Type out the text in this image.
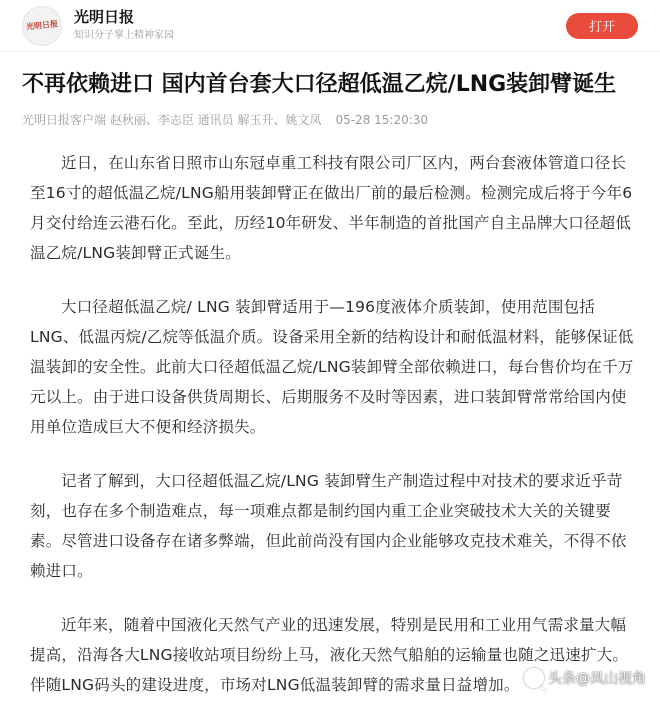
光明日报 光明日报
知识分子掌上精神家园
打开
不再依赖进口 国内首台套大口径超低温乙烷/LNG装卸臂诞生
光明日报客户端 赵秋丽、李志臣 通讯员 解玉升、姚文凤 05-28 15:20:30

近日，在山东省日照市山东冠卓重工科技有限公司厂区内，两台套液体管道口径长至16寸的超低温乙烷/LNG船用装卸臂正在做出厂前的最后检测。检测完成后将于今年6月交付给连云港石化。至此，历经10年研发、半年制造的首批国产自主品牌大口径超低温乙烷/LNG装卸臂正式诞生。

大口径超低温乙烷/ LNG 装卸臂适用于—196度液体介质装卸，使用范围包括LNG、低温丙烷/乙烷等低温介质。设备采用全新的结构设计和耐低温材料，能够保证低温装卸的安全性。此前大口径超低温乙烷/LNG装卸臂全部依赖进口，每台售价均在千万元以上。由于进口设备供货周期长、后期服务不及时等因素，进口装卸臂常常给国内使用单位造成巨大不便和经济损失。

记者了解到，大口径超低温乙烷/LNG 装卸臂生产制造过程中对技术的要求近乎苛刻，也存在多个制造难点，每一项难点都是制约国内重工企业突破技术大关的关键要素。尽管进口设备存在诸多弊端，但此前尚没有国内企业能够攻克技术难关，不得不依赖进口。

近年来，随着中国液化天然气产业的迅速发展，特别是民用和工业用气需求量大幅提高，沿海各大LNG接收站项目纷纷上马，液化天然气船舶的运输量也随之迅速扩大。伴随LNG码头的建设进度，市场对LNG低温装卸臂的需求量日益增加。	头条@凤山视角
